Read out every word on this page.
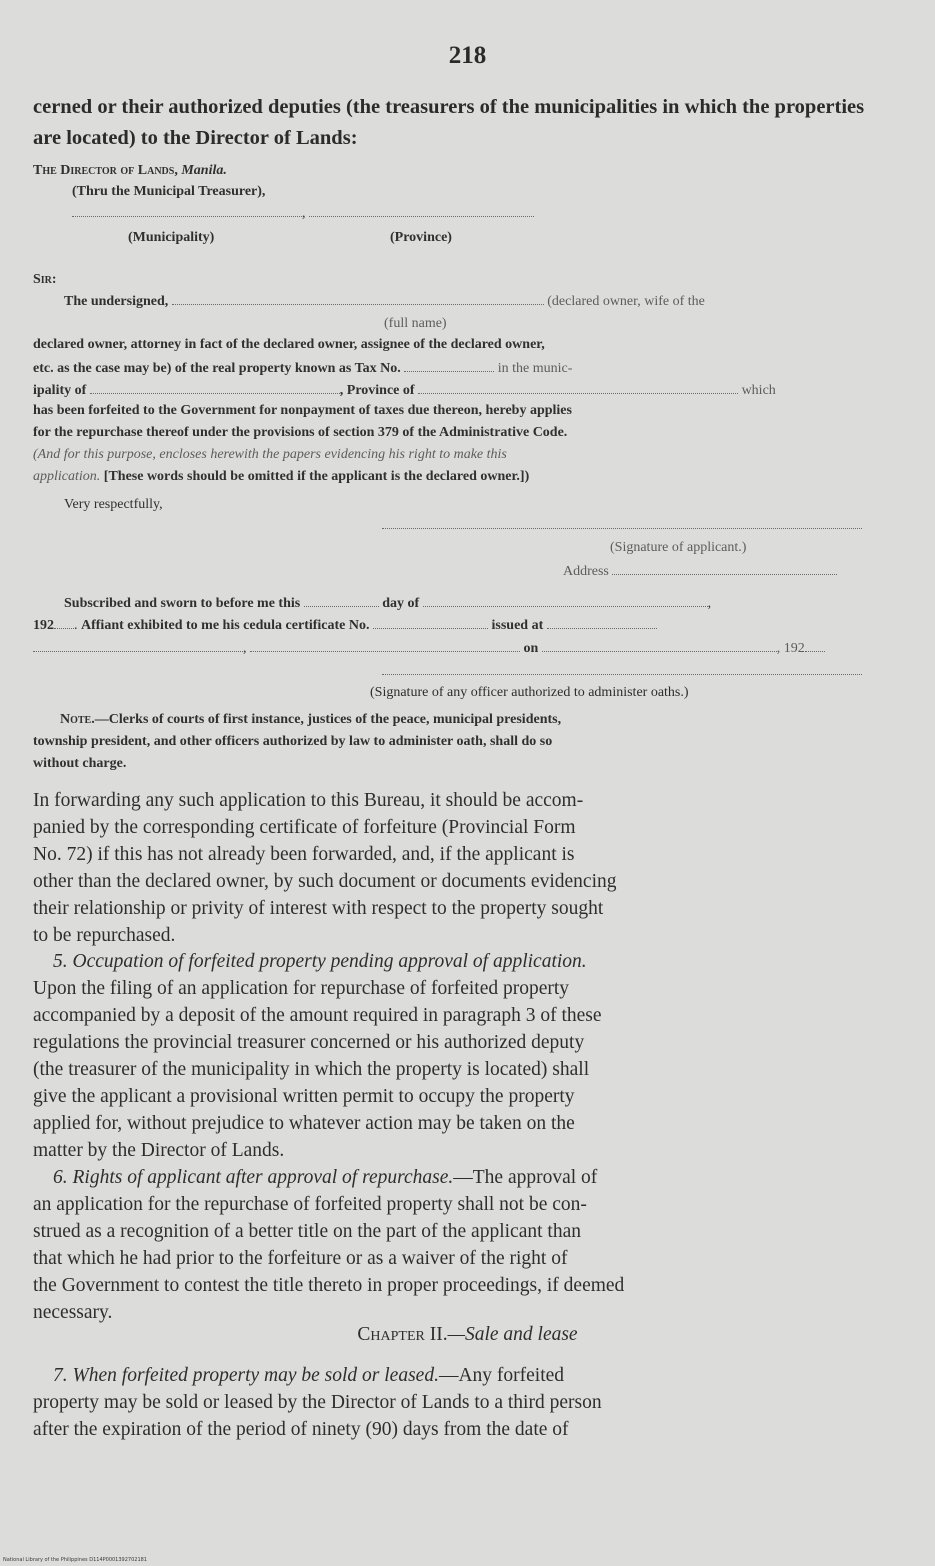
218
cerned or their authorized deputies (the treasurers of the municipalities in which the properties are located) to the Director of Lands:
The Director of Lands, Manila.
(Thru the Municipal Treasurer),
,
(Municipality)	(Province)
Sir:
The undersigned,	(declared owner, wife of the
(full name)
declared owner, attorney in fact of the declared owner, assignee of the declared owner,
etc. as the case may be) of the real property known as Tax No.	in the munic-
ipality of	, Province of	which
has been forfeited to the Government for nonpayment of taxes due thereon, hereby applies
for the repurchase thereof under the provisions of section 379 of the Administrative Code.
(And for this purpose, encloses herewith the papers evidencing his right to make this
application. [These words should be omitted if the applicant is the declared owner.])
Very respectfully,
(Signature of applicant.)
Address
Subscribed and sworn to before me this	day of	,
192 . Affiant exhibited to me his cedula certificate No.	issued at
,	on	, 192
(Signature of any officer authorized to administer oaths.)
Note.—Clerks of courts of first instance, justices of the peace, municipal presidents,
township president, and other officers authorized by law to administer oath, shall do so
without charge.
In forwarding any such application to this Bureau, it should be accom-
panied by the corresponding certificate of forfeiture (Provincial Form
No. 72) if this has not already been forwarded, and, if the applicant is
other than the declared owner, by such document or documents evidencing
their relationship or privity of interest with respect to the property sought
to be repurchased.
5. Occupation of forfeited property pending approval of application.
Upon the filing of an application for repurchase of forfeited property
accompanied by a deposit of the amount required in paragraph 3 of these
regulations the provincial treasurer concerned or his authorized deputy
(the treasurer of the municipality in which the property is located) shall
give the applicant a provisional written permit to occupy the property
applied for, without prejudice to whatever action may be taken on the
matter by the Director of Lands.
6. Rights of applicant after approval of repurchase.—The approval of
an application for the repurchase of forfeited property shall not be con-
strued as a recognition of a better title on the part of the applicant than
that which he had prior to the forfeiture or as a waiver of the right of
the Government to contest the title thereto in proper proceedings, if deemed
necessary.
Chapter II.—Sale and lease
7. When forfeited property may be sold or leased.—Any forfeited
property may be sold or leased by the Director of Lands to a third person
after the expiration of the period of ninety (90) days from the date of
National Library of the Philippines D114P0001392702181
